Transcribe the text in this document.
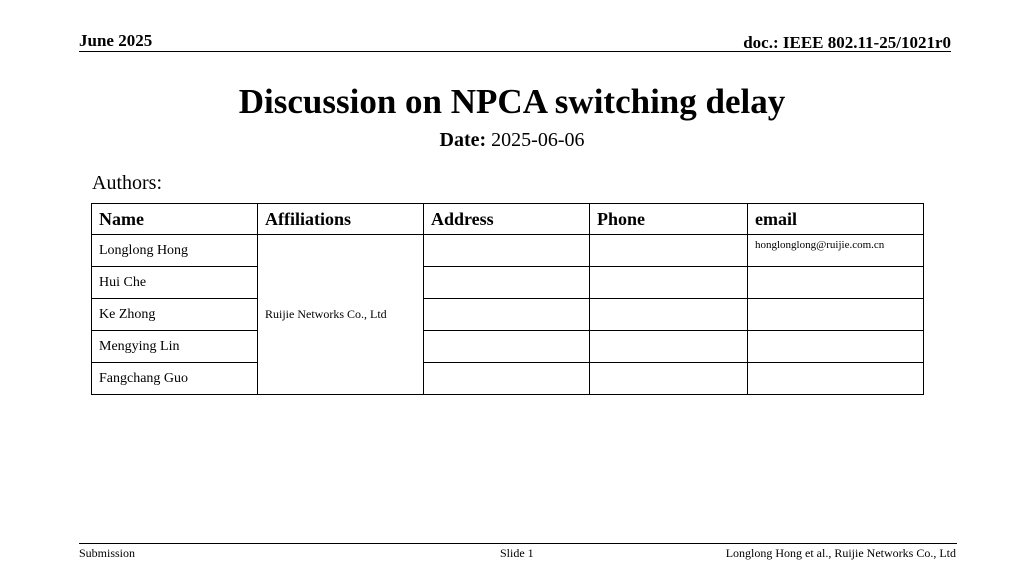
June 2025	doc.: IEEE 802.11-25/1021r0
Discussion on NPCA switching delay
Date: 2025-06-06
Authors:
Name	Affiliations	Address	Phone	email
Longlong Hong	Ruijie Networks Co., Ltd			honglonglong@ruijie.com.cn
Hui Che				
Ke Zhong				
Mengying Lin				
Fangchang Guo				
Submission	Slide 1	Longlong Hong et al., Ruijie Networks Co., Ltd
